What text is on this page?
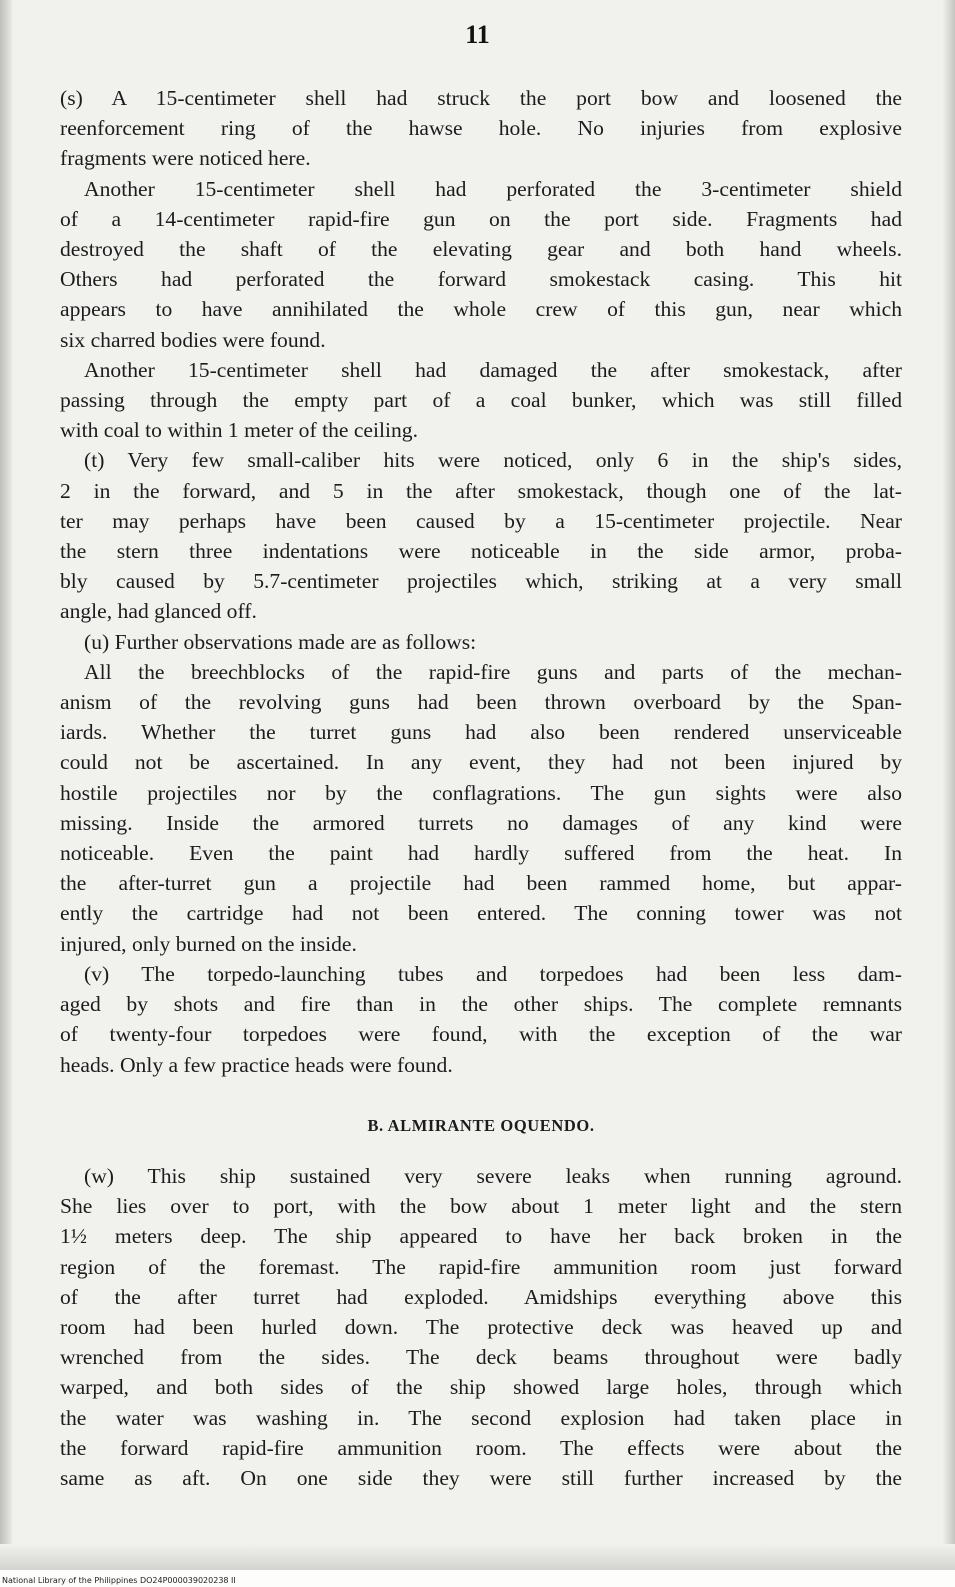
11
(s) A 15-centimeter shell had struck the port bow and loosened the
reenforcement ring of the hawse hole. No injuries from explosive
fragments were noticed here.
Another 15-centimeter shell had perforated the 3-centimeter shield
of a 14-centimeter rapid-fire gun on the port side. Fragments had
destroyed the shaft of the elevating gear and both hand wheels.
Others had perforated the forward smokestack casing. This hit
appears to have annihilated the whole crew of this gun, near which
six charred bodies were found.
Another 15-centimeter shell had damaged the after smokestack, after
passing through the empty part of a coal bunker, which was still filled
with coal to within 1 meter of the ceiling.
(t) Very few small-caliber hits were noticed, only 6 in the ship's sides,
2 in the forward, and 5 in the after smokestack, though one of the lat-
ter may perhaps have been caused by a 15-centimeter projectile. Near
the stern three indentations were noticeable in the side armor, proba-
bly caused by 5.7-centimeter projectiles which, striking at a very small
angle, had glanced off.
(u) Further observations made are as follows:
All the breechblocks of the rapid-fire guns and parts of the mechan-
anism of the revolving guns had been thrown overboard by the Span-
iards. Whether the turret guns had also been rendered unserviceable
could not be ascertained. In any event, they had not been injured by
hostile projectiles nor by the conflagrations. The gun sights were also
missing. Inside the armored turrets no damages of any kind were
noticeable. Even the paint had hardly suffered from the heat. In
the after-turret gun a projectile had been rammed home, but appar-
ently the cartridge had not been entered. The conning tower was not
injured, only burned on the inside.
(v) The torpedo-launching tubes and torpedoes had been less dam-
aged by shots and fire than in the other ships. The complete remnants
of twenty-four torpedoes were found, with the exception of the war
heads. Only a few practice heads were found.
B. ALMIRANTE OQUENDO.
(w) This ship sustained very severe leaks when running aground.
She lies over to port, with the bow about 1 meter light and the stern
1½ meters deep. The ship appeared to have her back broken in the
region of the foremast. The rapid-fire ammunition room just forward
of the after turret had exploded. Amidships everything above this
room had been hurled down. The protective deck was heaved up and
wrenched from the sides. The deck beams throughout were badly
warped, and both sides of the ship showed large holes, through which
the water was washing in. The second explosion had taken place in
the forward rapid-fire ammunition room. The effects were about the
same as aft. On one side they were still further increased by the
National Library of the Philippines DO24P000039020238 II
